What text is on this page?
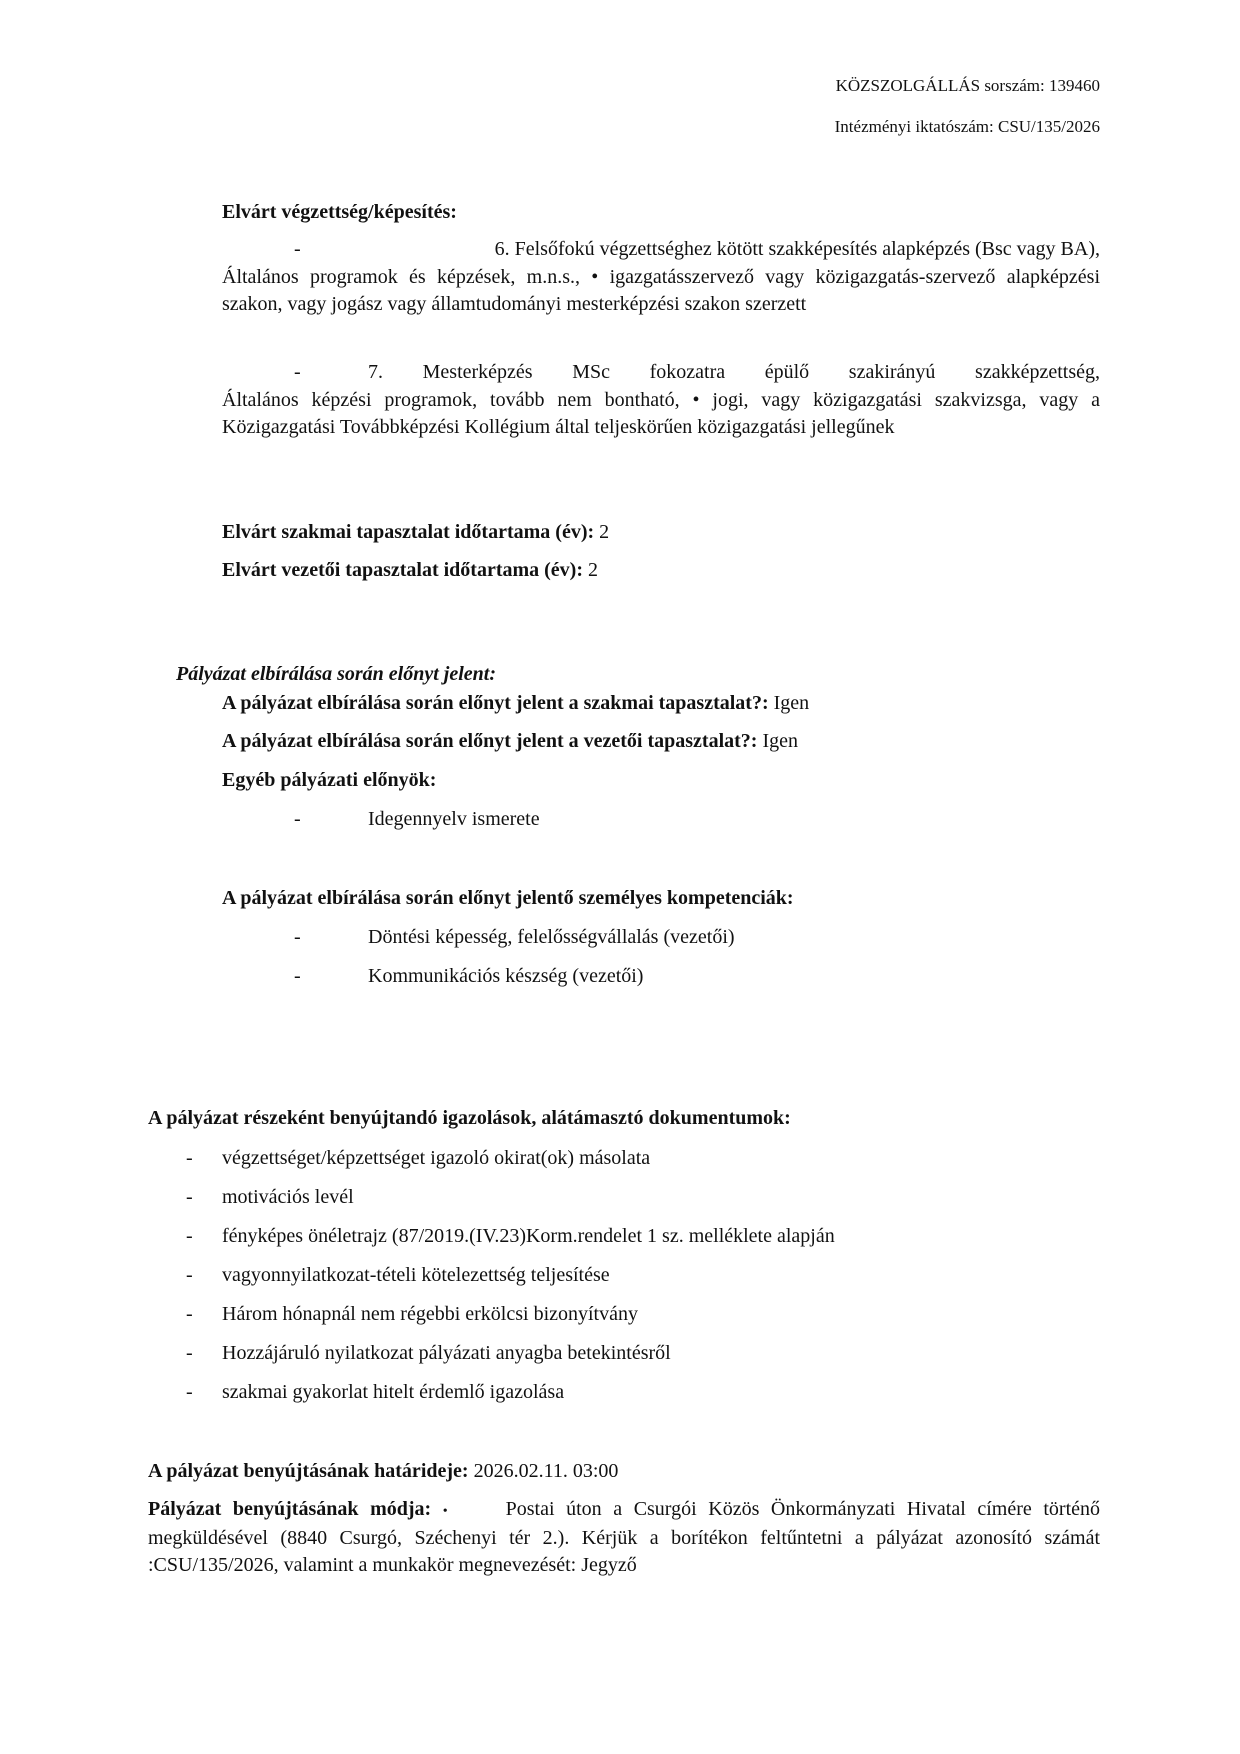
KÖZSZOLGÁLLÁS sorszám: 139460
Intézményi iktatószám: CSU/135/2026
Elvárt végzettség/képesítés:
-	6. Felsőfokú végzettséghez kötött szakképesítés alapképzés (Bsc vagy BA),
Általános programok és képzések, m.n.s., • igazgatásszervező vagy közigazgatás-szervező alapképzési szakon, vagy jogász vagy államtudományi mesterképzési szakon szerzett
-	7. Mesterképzés MSc fokozatra épülő szakirányú szakképzettség,
Általános képzési programok, tovább nem bontható, • jogi, vagy közigazgatási szakvizsga, vagy a Közigazgatási Továbbképzési Kollégium által teljeskörűen közigazgatási jellegűnek
Elvárt szakmai tapasztalat időtartama (év): 2
Elvárt vezetői tapasztalat időtartama (év): 2
Pályázat elbírálása során előnyt jelent:
A pályázat elbírálása során előnyt jelent a szakmai tapasztalat?: Igen
A pályázat elbírálása során előnyt jelent a vezetői tapasztalat?: Igen
Egyéb pályázati előnyök:
-	Idegennyelv ismerete
A pályázat elbírálása során előnyt jelentő személyes kompetenciák:
-	Döntési képesség, felelősségvállalás (vezetői)
-	Kommunikációs készség (vezetői)
A pályázat részeként benyújtandó igazolások, alátámasztó dokumentumok:
- végzettséget/képzettséget igazoló okirat(ok) másolata
- motivációs levél
- fényképes önéletrajz (87/2019.(IV.23)Korm.rendelet 1 sz. melléklete alapján
- vagyonnyilatkozat-tételi kötelezettség teljesítése
- Három hónapnál nem régebbi erkölcsi bizonyítvány
- Hozzájáruló nyilatkozat pályázati anyagba betekintésről
- szakmai gyakorlat hitelt érdemlő igazolása
A pályázat benyújtásának határideje: 2026.02.11. 03:00
Pályázat benyújtásának módja: •	Postai úton a Csurgói Közös Önkormányzati Hivatal címére történő megküldésével (8840 Csurgó, Széchenyi tér 2.). Kérjük a borítékon feltűntetni a pályázat azonosító számát :CSU/135/2026, valamint a munkakör megnevezését: Jegyző
